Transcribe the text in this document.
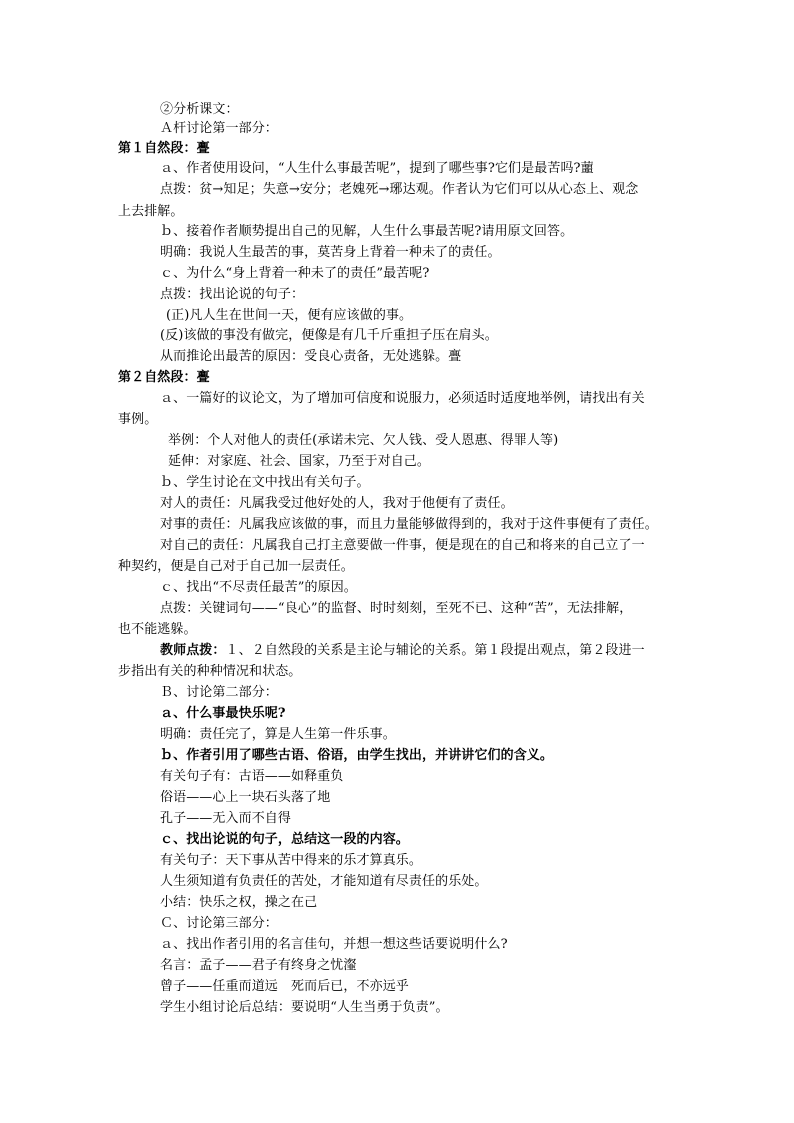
②分析课文：
Ａ杆讨论第一部分：
第１自然段：亹
ａ、作者使用设问，“人生什么事最苦呢”，提到了哪些事?它们是最苦吗?蘁
点拨：贫→知足；失意→安分；老媿死→琊达观。作者认为它们可以从心态上、观念
上去排解。
ｂ、接着作者顺势提出自己的见解，人生什么事最苦呢?请用原文回答。
明确：我说人生最苦的事，莫苦身上背着一种未了的责任。
ｃ、为什么“身上背着一种未了的责任”最苦呢?
点拨：找出论说的句子：
(正)凡人生在世间一天，便有应该做的事。
(反)该做的事没有做完，便像是有几千斤重担子压在肩头。
从而推论出最苦的原因：受良心责备，无处逃躲。亹
第２自然段：亹
ａ、一篇好的议论文，为了增加可信度和说服力，必须适时适度地举例，请找出有关
事例。
举例：个人对他人的责任(承诺未完、欠人钱、受人恩惠、得罪人等)
延伸：对家庭、社会、国家，乃至于对自己。
ｂ、学生讨论在文中找出有关句子。
对人的责任：凡属我受过他好处的人，我对于他便有了责任。
对事的责任：凡属我应该做的事，而且力量能够做得到的，我对于这件事便有了责任。
对自己的责任：凡属我自己打主意要做一件事，便是现在的自己和将来的自己立了一
种契约，便是自己对于自己加一层责任。
ｃ、找出“不尽责任最苦”的原因。
点拨：关键词句——“良心”的监督、时时刻刻，至死不已、这种“苦”，无法排解，
也不能逃躲。
教师点拨：１、２自然段的关系是主论与辅论的关系。第１段提出观点，第２段进一
步指出有关的种种情况和状态。
Ｂ、讨论第二部分：
ａ、什么事最快乐呢?
明确：责任完了，算是人生第一件乐事。
ｂ、作者引用了哪些古语、俗语，由学生找出，并讲讲它们的含义。
有关句子有：古语——如释重负
俗语——心上一块石头落了地
孔子——无入而不自得
ｃ、找出论说的句子，总结这一段的内容。
有关句子：天下事从苦中得来的乐才算真乐。
人生须知道有负责任的苦处，才能知道有尽责任的乐处。
小结：快乐之权，操之在己
Ｃ、讨论第三部分：
ａ、找出作者引用的名言佳句，并想一想这些话要说明什么?
名言：孟子——君子有终身之忧瀣
曾子——任重而道远　死而后已，不亦远乎
学生小组讨论后总结：要说明“人生当勇于负责”。
